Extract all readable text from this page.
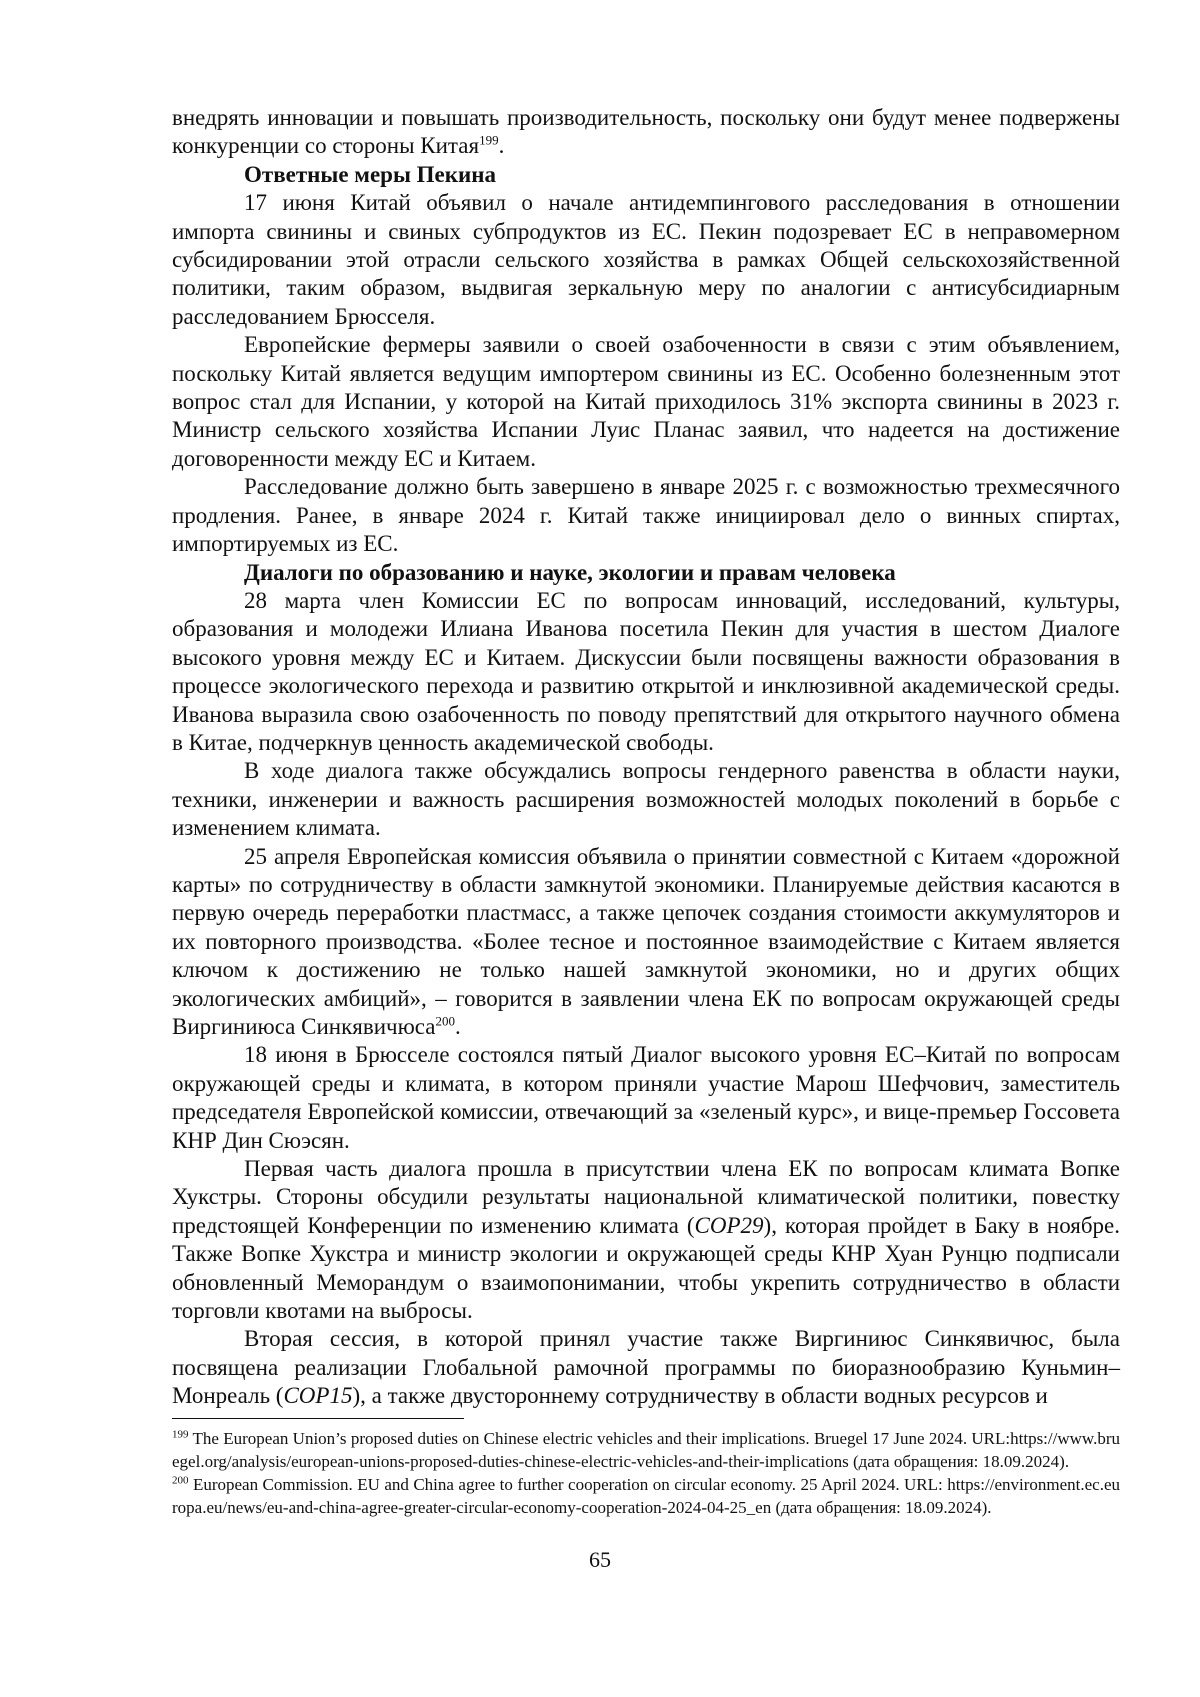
внедрять инновации и повышать производительность, поскольку они будут менее подвержены конкуренции со стороны Китая$^{199}$.

Ответные меры Пекина

17 июня Китай объявил о начале антидемпингового расследования в отношении импорта свинины и свиных субпродуктов из ЕС. Пекин подозревает ЕС в неправомерном субсидировании этой отрасли сельского хозяйства в рамках Общей сельскохозяйственной политики, таким образом, выдвигая зеркальную меру по аналогии с антисубсидиарным расследованием Брюсселя.

Европейские фермеры заявили о своей озабоченности в связи с этим объявлением, поскольку Китай является ведущим импортером свинины из ЕС. Особенно болезненным этот вопрос стал для Испании, у которой на Китай приходилось 31% экспорта свинины в 2023 г. Министр сельского хозяйства Испании Луис Планас заявил, что надеется на достижение договоренности между ЕС и Китаем.

Расследование должно быть завершено в январе 2025 г. с возможностью трехмесячного продления. Ранее, в январе 2024 г. Китай также инициировал дело о винных спиртах, импортируемых из ЕС.

Диалоги по образованию и науке, экологии и правам человека

28 марта член Комиссии ЕС по вопросам инноваций, исследований, культуры, образования и молодежи Илиана Иванова посетила Пекин для участия в шестом Диалоге высокого уровня между ЕС и Китаем. Дискуссии были посвящены важности образования в процессе экологического перехода и развитию открытой и инклюзивной академической среды. Иванова выразила свою озабоченность по поводу препятствий для открытого научного обмена в Китае, подчеркнув ценность академической свободы.

В ходе диалога также обсуждались вопросы гендерного равенства в области науки, техники, инженерии и важность расширения возможностей молодых поколений в борьбе с изменением климата.

25 апреля Европейская комиссия объявила о принятии совместной с Китаем «дорожной карты» по сотрудничеству в области замкнутой экономики. Планируемые действия касаются в первую очередь переработки пластмасс, а также цепочек создания стоимости аккумуляторов и их повторного производства. «Более тесное и постоянное взаимодействие с Китаем является ключом к достижению не только нашей замкнутой экономики, но и других общих экологических амбиций», – говорится в заявлении члена ЕК по вопросам окружающей среды Виргиниюса Синкявичюса$^{200}$.

18 июня в Брюсселе состоялся пятый Диалог высокого уровня ЕС–Китай по вопросам окружающей среды и климата, в котором приняли участие Марош Шефчович, заместитель председателя Европейской комиссии, отвечающий за «зеленый курс», и вице-премьер Госсовета КНР Дин Сюэсян.

Первая часть диалога прошла в присутствии члена ЕК по вопросам климата Вопке Хукстры. Стороны обсудили результаты национальной климатической политики, повестку предстоящей Конференции по изменению климата (COP29), которая пройдет в Баку в ноябре. Также Вопке Хукстра и министр экологии и окружающей среды КНР Хуан Рунцю подписали обновленный Меморандум о взаимопонимании, чтобы укрепить сотрудничество в области торговли квотами на выбросы.

Вторая сессия, в которой принял участие также Виргиниюс Синкявичюс, была посвящена реализации Глобальной рамочной программы по биоразнообразию Куньмин–Монреаль (COP15), а также двустороннему сотрудничеству в области водных ресурсов и

$^{199}$ The European Union’s proposed duties on Chinese electric vehicles and their implications. Bruegel 17 June 2024. URL:https://www.bruegel.org/analysis/european-unions-proposed-duties-chinese-electric-vehicles-and-their-implications (дата обращения: 18.09.2024).

$^{200}$ European Commission. EU and China agree to further cooperation on circular economy. 25 April 2024. URL: https://environment.ec.europa.eu/news/eu-and-china-agree-greater-circular-economy-cooperation-2024-04-25_en (дата обращения: 18.09.2024).

65
